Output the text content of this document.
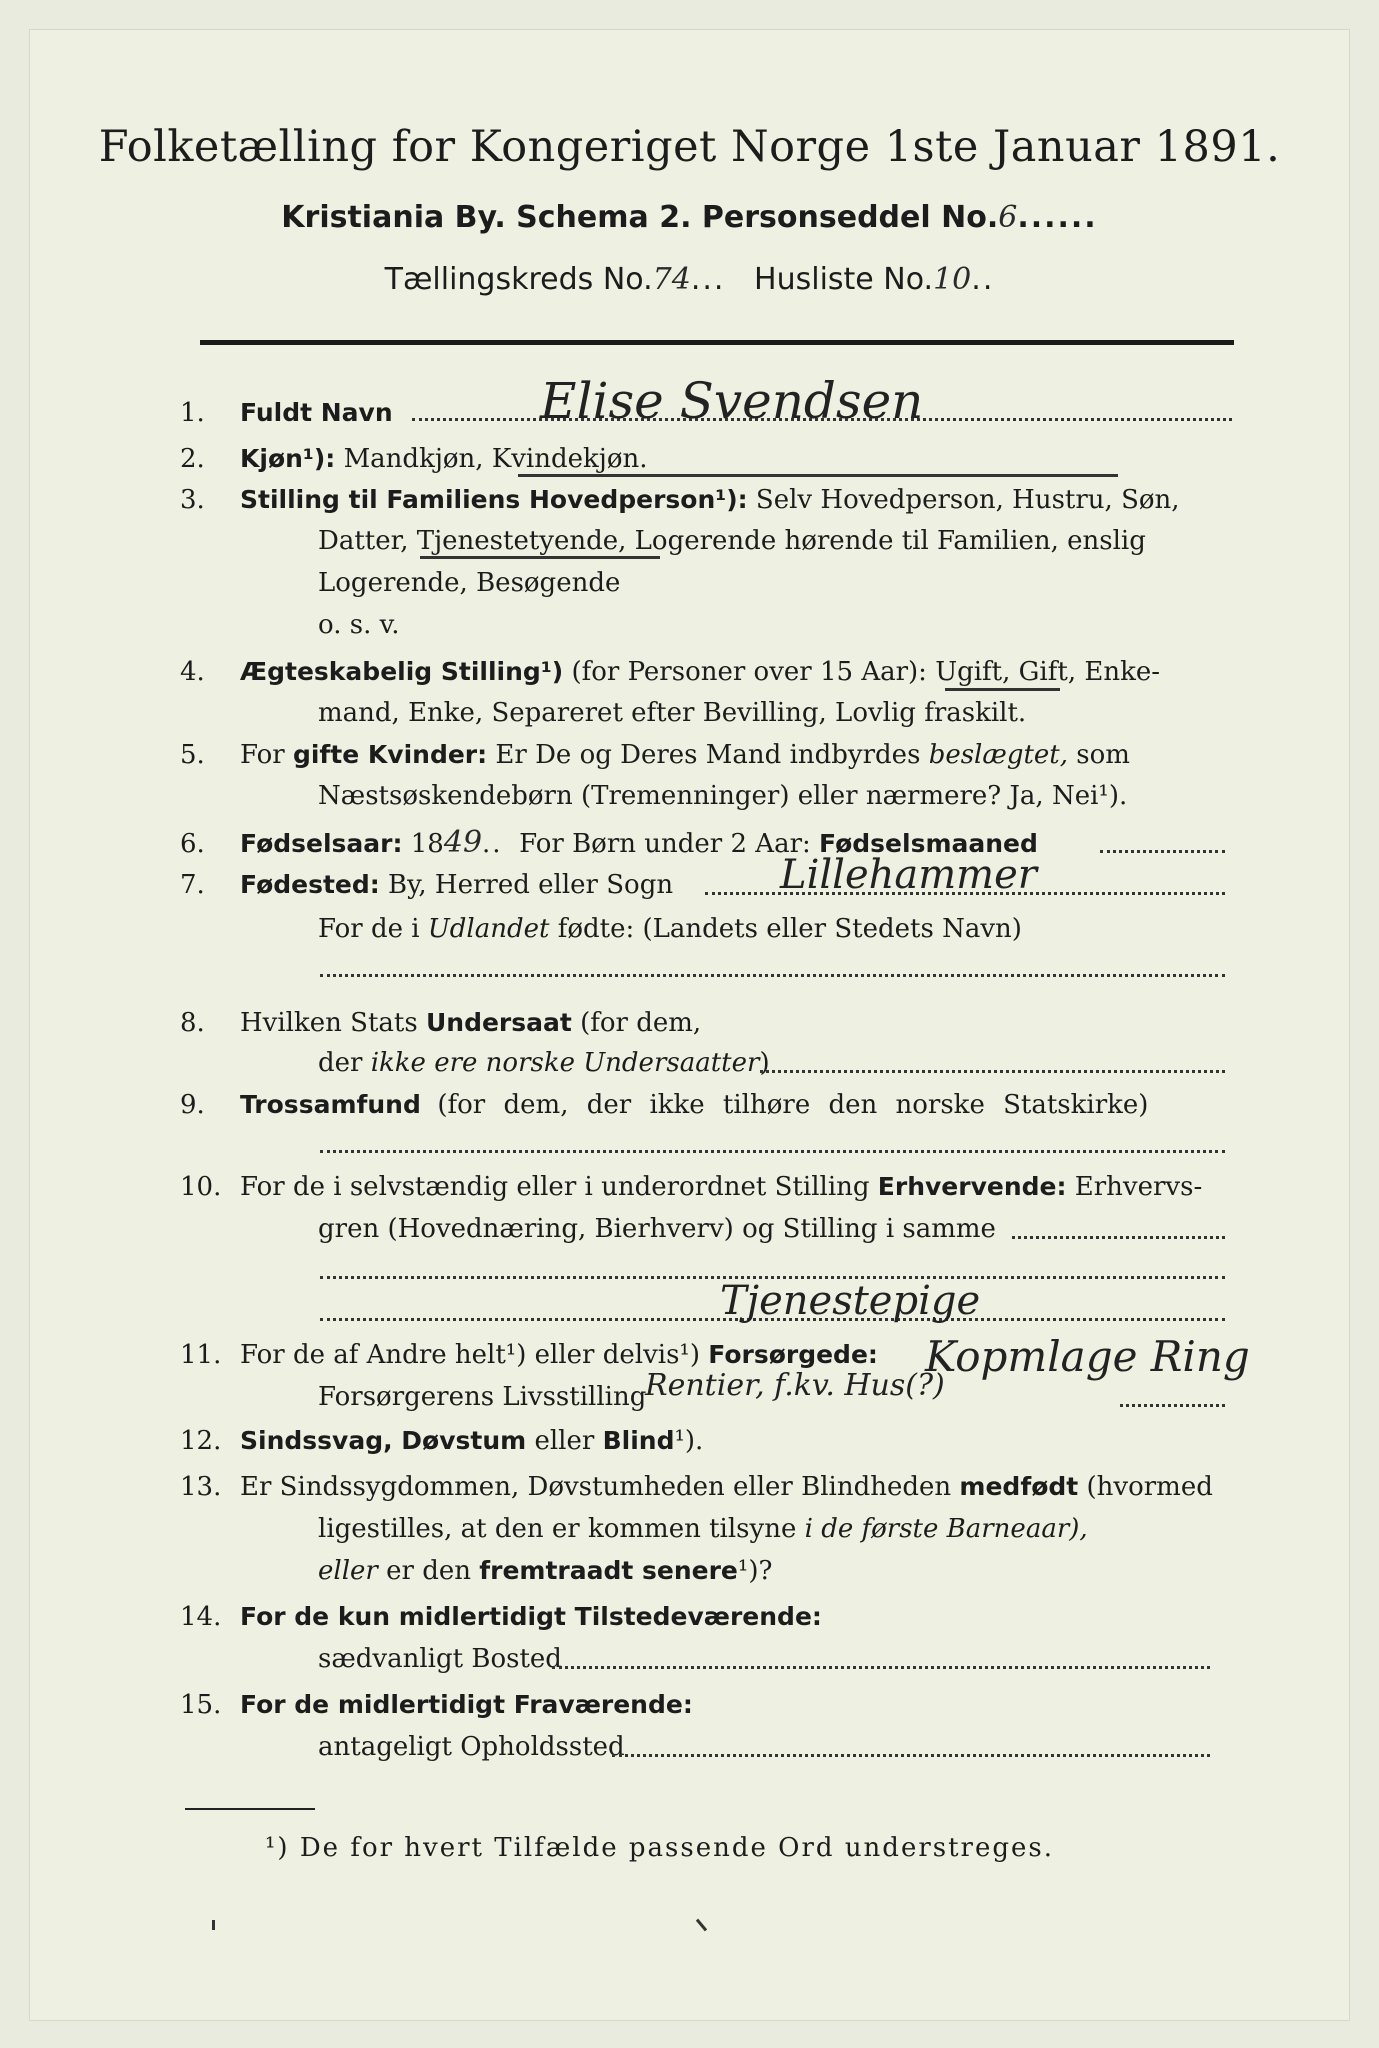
Folketælling for Kongeriget Norge 1ste Januar 1891.
Kristiania By. Schema 2. Personseddel No.6......
Tællingskreds No.74... Husliste No.10..
1. Fuldt Navn	Elise Svendsen
2. Kjøn¹): Mandkjøn, Kvindekjøn.
3. Stilling til Familiens Hovedperson¹): Selv Hovedperson, Hustru, Søn,
Datter, Tjenestetyende, Logerende hørende til Familien, enslig
Logerende, Besøgende
o. s. v.
4. Ægteskabelig Stilling¹) (for Personer over 15 Aar): Ugift, Gift, Enke-
mand, Enke, Separeret efter Bevilling, Lovlig fraskilt.
5. For gifte Kvinder: Er De og Deres Mand indbyrdes beslægtet, som
Næstsøskendebørn (Tremenninger) eller nærmere? Ja, Nei¹).
6. Fødselsaar: 1849.. For Børn under 2 Aar: Fødselsmaaned
7. Fødested: By, Herred eller Sogn	Lillehammer
For de i Udlandet fødte: (Landets eller Stedets Navn)
8. Hvilken Stats Undersaat (for dem,
der ikke ere norske Undersaatter)
9. Trossamfund (for dem, der ikke tilhøre den norske Statskirke)
10. For de i selvstændig eller i underordnet Stilling Erhvervende: Erhvervs-
gren (Hovednæring, Bierhverv) og Stilling i samme
Tjenestepige
11. For de af Andre helt¹) eller delvis¹) Forsørgede: Kopmlage Ring
Forsørgerens Livsstilling
Rentier, f.kv. Hus(?)
12. Sindssvag, Døvstum eller Blind¹).
13. Er Sindssygdommen, Døvstumheden eller Blindheden medfødt (hvormed
ligestilles, at den er kommen tilsyne i de første Barneaar),
eller er den fremtraadt senere¹)?
14. For de kun midlertidigt Tilstedeværende:
sædvanligt Bosted
15. For de midlertidigt Fraværende:
antageligt Opholdssted
¹) De for hvert Tilfælde passende Ord understreges.
